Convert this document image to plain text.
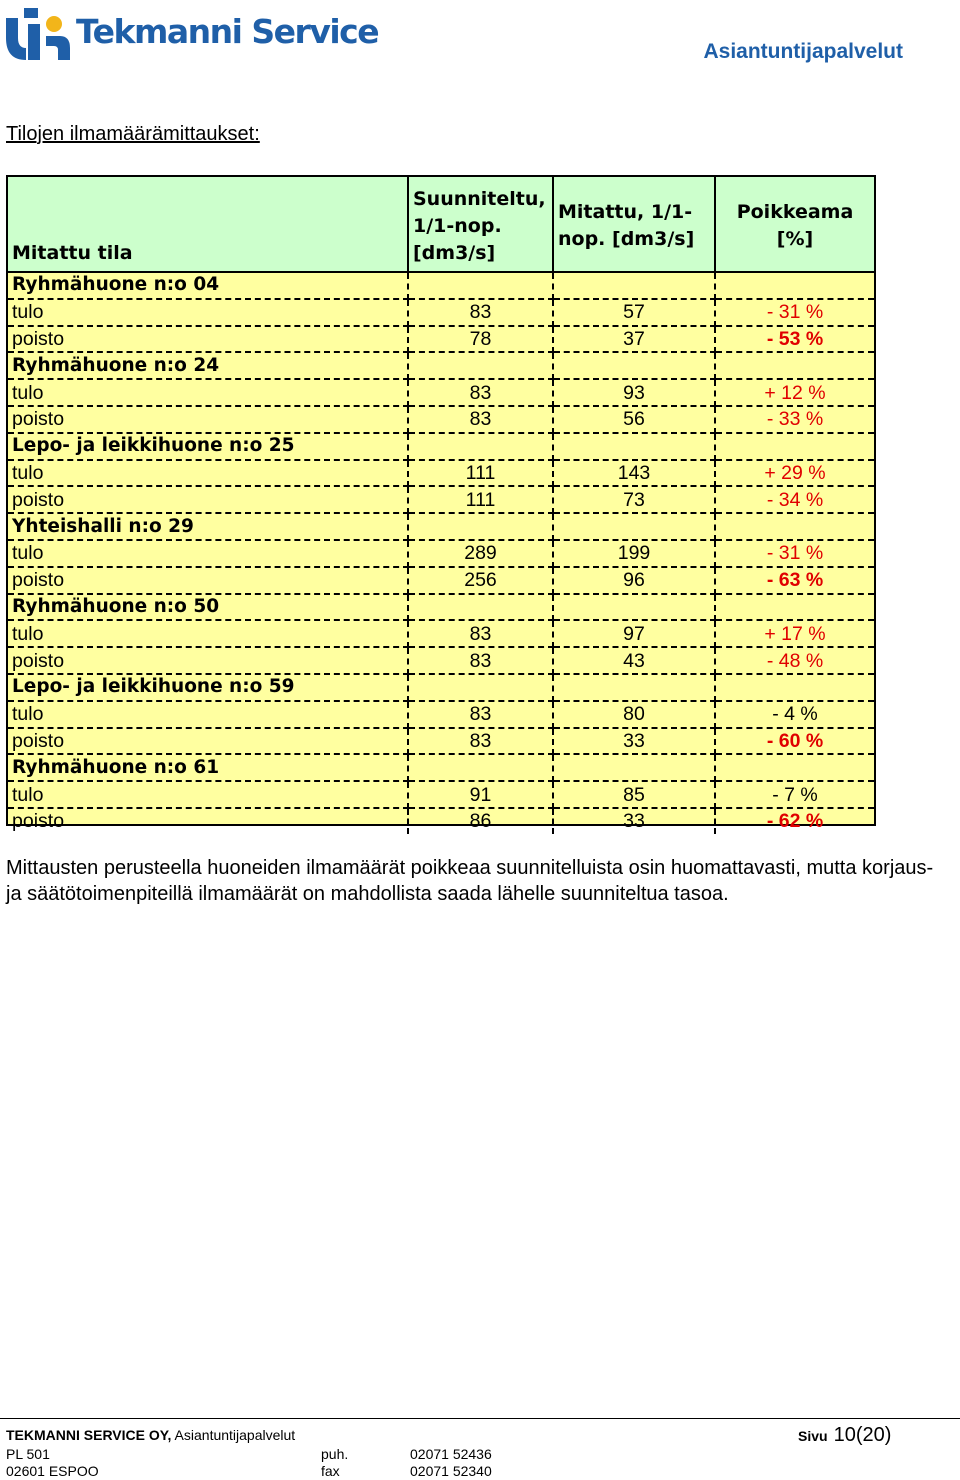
Tekmanni Service
Asiantuntijapalvelut
Tilojen ilmamäärämittaukset:
Mitattu tila	Suunniteltu, 1/1-nop. [dm3/s]	Mitattu, 1/1-nop. [dm3/s]	Poikkeama [%]
Ryhmähuone n:o 04			
tulo	83	57	- 31 %
poisto	78	37	- 53 %
Ryhmähuone n:o 24			
tulo	83	93	+ 12 %
poisto	83	56	- 33 %
Lepo- ja leikkihuone n:o 25			
tulo	111	143	+ 29 %
poisto	111	73	- 34 %
Yhteishalli n:o 29			
tulo	289	199	- 31 %
poisto	256	96	- 63 %
Ryhmähuone n:o 50			
tulo	83	97	+ 17 %
poisto	83	43	- 48 %
Lepo- ja leikkihuone n:o 59			
tulo	83	80	- 4 %
poisto	83	33	- 60 %
Ryhmähuone n:o 61			
tulo	91	85	- 7 %
poisto	86	33	- 62 %
Mittausten perusteella huoneiden ilmamäärät poikkeaa suunnitelluista osin huomattavasti, mutta korjaus- ja säätötoimenpiteillä ilmamäärät on mahdollista saada lähelle suunniteltua tasoa.
TEKMANNI SERVICE OY, Asiantuntijapalvelut	Sivu 10(20)
PL 501
02601 ESPOO
puh.
fax
02071 52436
02071 52340
